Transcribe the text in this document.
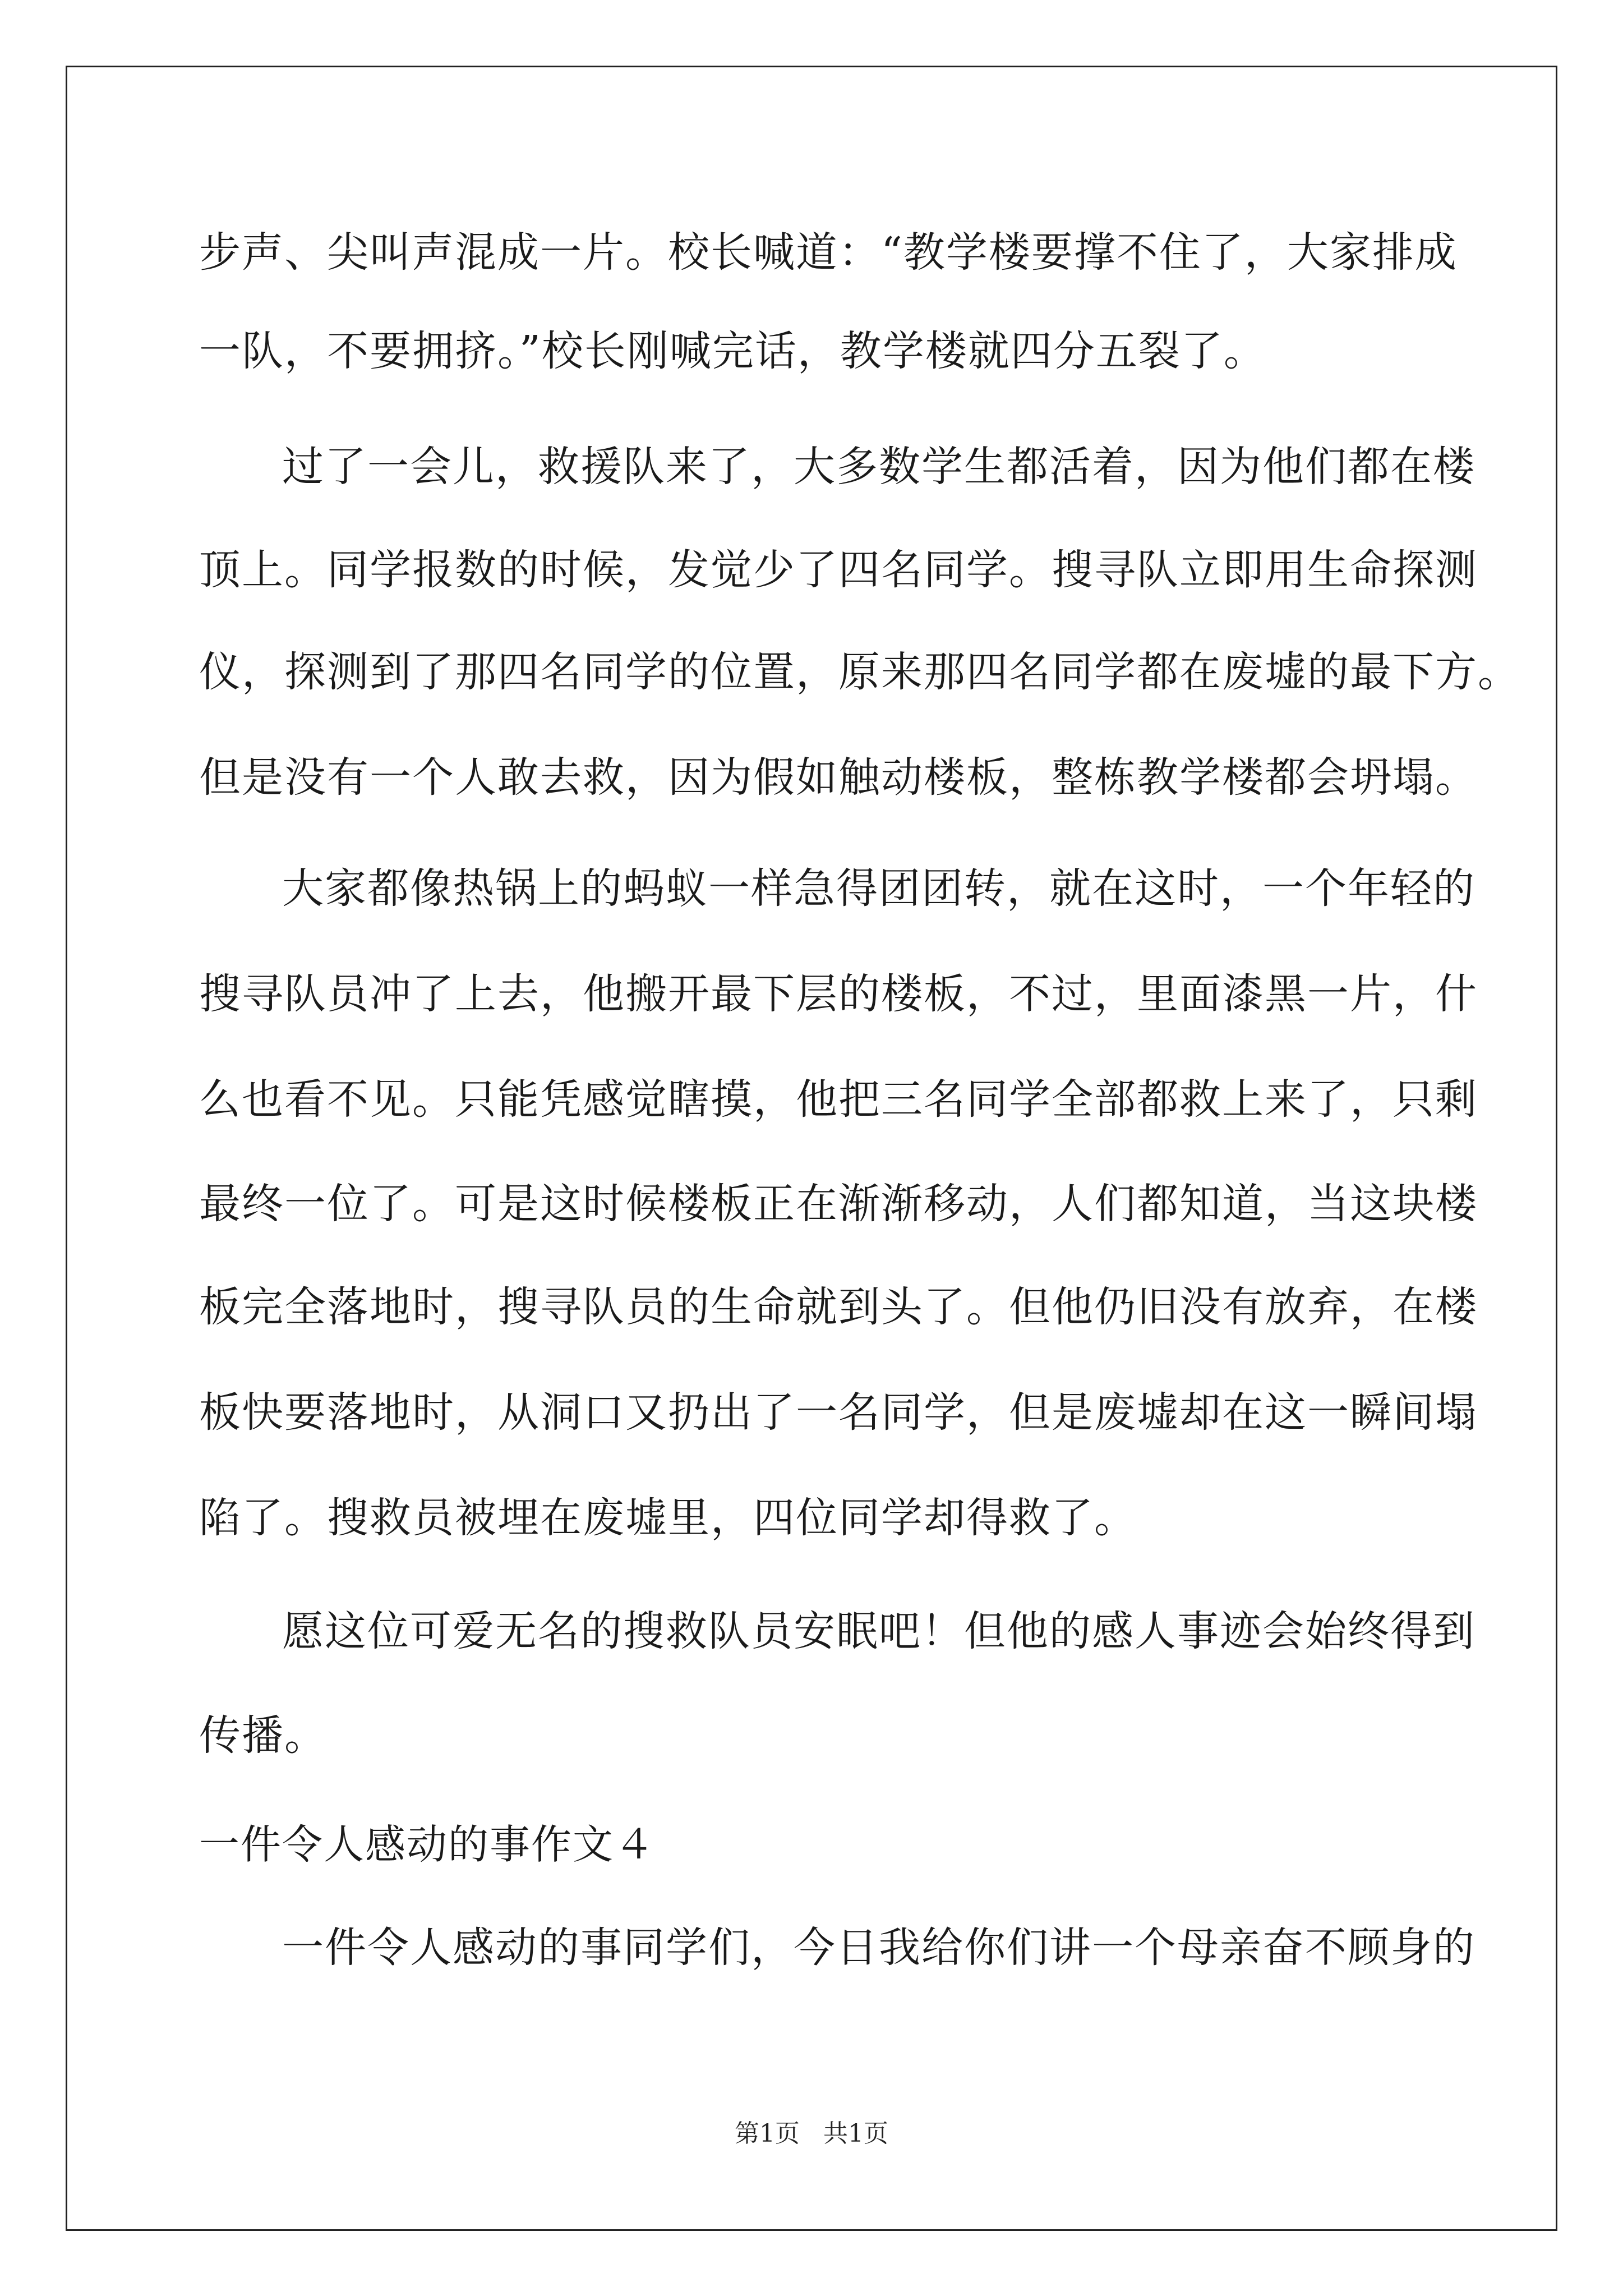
步声、尖叫声混成一片。校长喊道：“教学楼要撑不住了，大家排成
一队，不要拥挤。”校长刚喊完话，教学楼就四分五裂了。
过了一会儿，救援队来了，大多数学生都活着，因为他们都在楼
顶上。同学报数的时候，发觉少了四名同学。搜寻队立即用生命探测
仪，探测到了那四名同学的位置，原来那四名同学都在废墟的最下方。
但是没有一个人敢去救，因为假如触动楼板，整栋教学楼都会坍塌。
大家都像热锅上的蚂蚁一样急得团团转，就在这时，一个年轻的
搜寻队员冲了上去，他搬开最下层的楼板，不过，里面漆黑一片，什
么也看不见。只能凭感觉瞎摸，他把三名同学全部都救上来了，只剩
最终一位了。可是这时候楼板正在渐渐移动，人们都知道，当这块楼
板完全落地时，搜寻队员的生命就到头了。但他仍旧没有放弃，在楼
板快要落地时，从洞口又扔出了一名同学，但是废墟却在这一瞬间塌
陷了。搜救员被埋在废墟里，四位同学却得救了。
愿这位可爱无名的搜救队员安眠吧！但他的感人事迹会始终得到
传播。
一件令人感动的事作文４
一件令人感动的事同学们，今日我给你们讲一个母亲奋不顾身的
第1页 共1页
